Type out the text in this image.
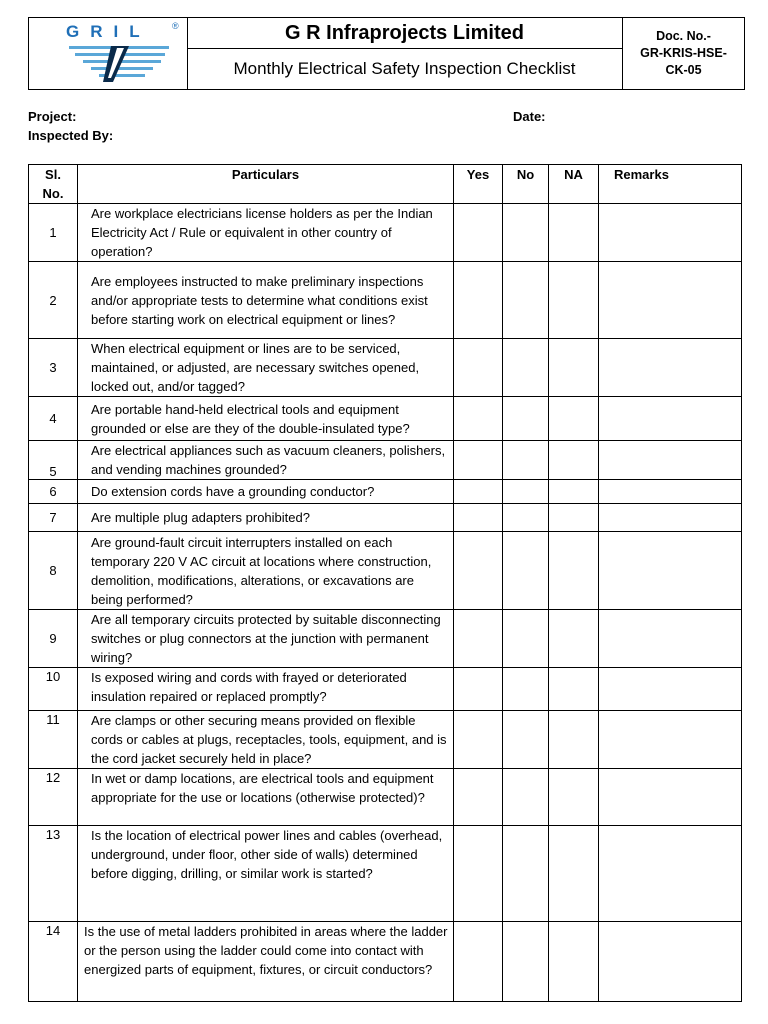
GRIL ®	G R Infraprojects Limited
Monthly Electrical Safety Inspection Checklist
Doc. No.-
GR-KRIS-HSE-
CK-05
Project:	Date:
Inspected By:
Sl.
No.	Particulars	Yes	No	NA	Remarks
1	Are workplace electricians license holders as per the Indian Electricity Act / Rule or equivalent in other country of operation?				
2	Are employees instructed to make preliminary inspections and/or appropriate tests to determine what conditions exist before starting work on electrical equipment or lines?				
3	When electrical equipment or lines are to be serviced, maintained, or adjusted, are necessary switches opened, locked out, and/or tagged?				
4	Are portable hand-held electrical tools and equipment grounded or else are they of the double-insulated type?				
5	Are electrical appliances such as vacuum cleaners, polishers, and vending machines grounded?				
6	Do extension cords have a grounding conductor?				
7	Are multiple plug adapters prohibited?				
8	Are ground-fault circuit interrupters installed on each temporary 220 V AC circuit at locations where construction, demolition, modifications, alterations, or excavations are being performed?				
9	Are all temporary circuits protected by suitable disconnecting switches or plug connectors at the junction with permanent wiring?				
10	Is exposed wiring and cords with frayed or deteriorated insulation repaired or replaced promptly?				
11	Are clamps or other securing means provided on flexible cords or cables at plugs, receptacles, tools, equipment, and is the cord jacket securely held in place?				
12	In wet or damp locations, are electrical tools and equipment appropriate for the use or locations (otherwise protected)?				
13	Is the location of electrical power lines and cables (overhead, underground, under floor, other side of walls) determined before digging, drilling, or similar work is started?				
14	Is the use of metal ladders prohibited in areas where the ladder or the person using the ladder could come into contact with energized parts of equipment, fixtures, or circuit conductors?				
